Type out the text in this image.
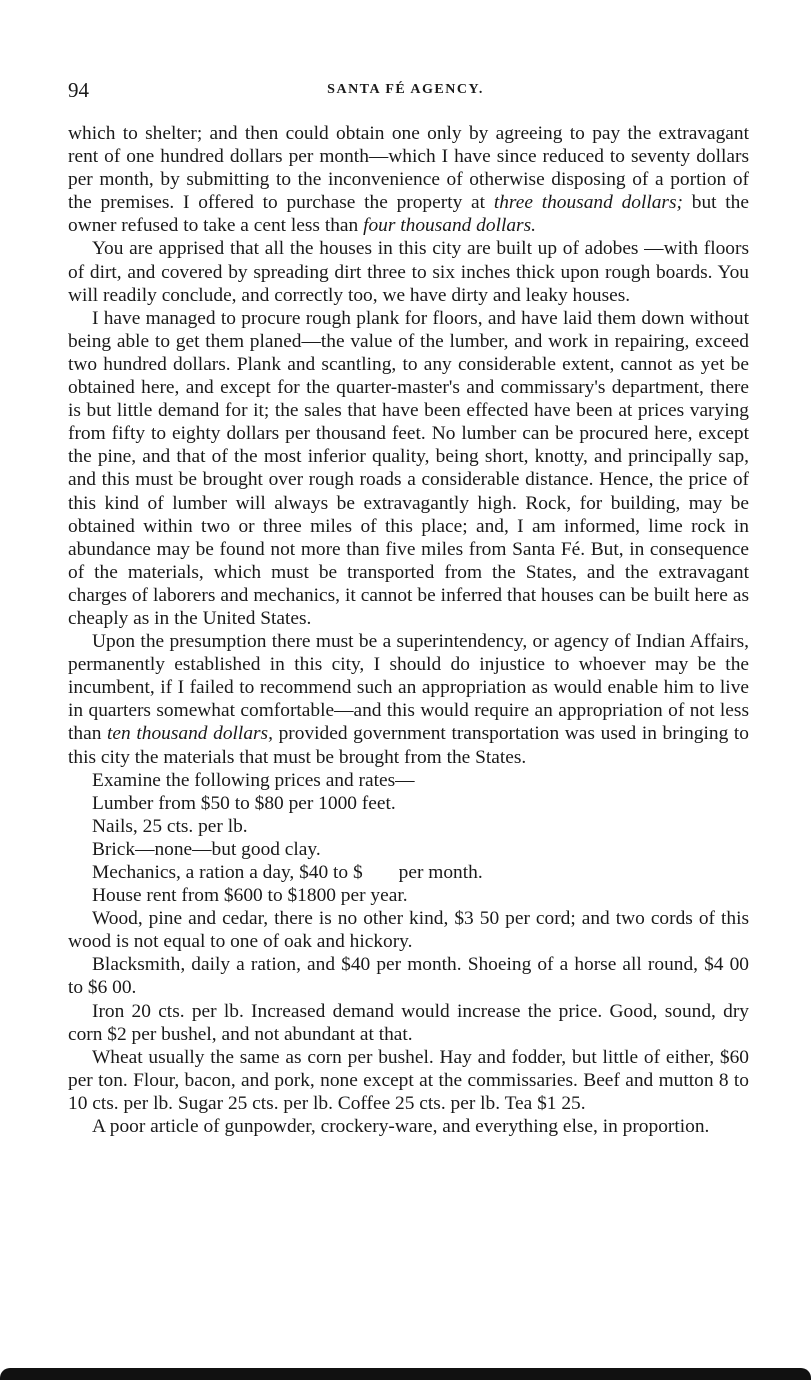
94	SANTA FÉ AGENCY.

which to shelter; and then could obtain one only by agreeing to pay the extravagant rent of one hundred dollars per month—which I have since reduced to seventy dollars per month, by submitting to the inconvenience of otherwise disposing of a portion of the premises. I offered to purchase the property at three thousand dollars; but the owner refused to take a cent less than four thousand dollars.

You are apprised that all the houses in this city are built up of adobes —with floors of dirt, and covered by spreading dirt three to six inches thick upon rough boards. You will readily conclude, and correctly too, we have dirty and leaky houses.

I have managed to procure rough plank for floors, and have laid them down without being able to get them planed—the value of the lumber, and work in repairing, exceed two hundred dollars. Plank and scantling, to any considerable extent, cannot as yet be obtained here, and except for the quarter-master's and commissary's department, there is but little demand for it; the sales that have been effected have been at prices varying from fifty to eighty dollars per thousand feet. No lumber can be procured here, except the pine, and that of the most inferior quality, being short, knotty, and principally sap, and this must be brought over rough roads a considerable distance. Hence, the price of this kind of lumber will always be extravagantly high. Rock, for building, may be obtained within two or three miles of this place; and, I am informed, lime rock in abundance may be found not more than five miles from Santa Fé. But, in consequence of the materials, which must be transported from the States, and the extravagant charges of laborers and mechanics, it cannot be inferred that houses can be built here as cheaply as in the United States.

Upon the presumption there must be a superintendency, or agency of Indian Affairs, permanently established in this city, I should do injustice to whoever may be the incumbent, if I failed to recommend such an appropriation as would enable him to live in quarters somewhat comfortable—and this would require an appropriation of not less than ten thousand dollars, provided government transportation was used in bringing to this city the materials that must be brought from the States.

Examine the following prices and rates—

Lumber from $50 to $80 per 1000 feet.

Nails, 25 cts. per lb.

Brick—none—but good clay.

Mechanics, a ration a day, $40 to $ per month.

House rent from $600 to $1800 per year.

Wood, pine and cedar, there is no other kind, $3 50 per cord; and two cords of this wood is not equal to one of oak and hickory.

Blacksmith, daily a ration, and $40 per month. Shoeing of a horse all round, $4 00 to $6 00.

Iron 20 cts. per lb. Increased demand would increase the price. Good, sound, dry corn $2 per bushel, and not abundant at that.

Wheat usually the same as corn per bushel. Hay and fodder, but little of either, $60 per ton. Flour, bacon, and pork, none except at the commissaries. Beef and mutton 8 to 10 cts. per lb. Sugar 25 cts. per lb. Coffee 25 cts. per lb. Tea $1 25.

A poor article of gunpowder, crockery-ware, and everything else, in proportion.
